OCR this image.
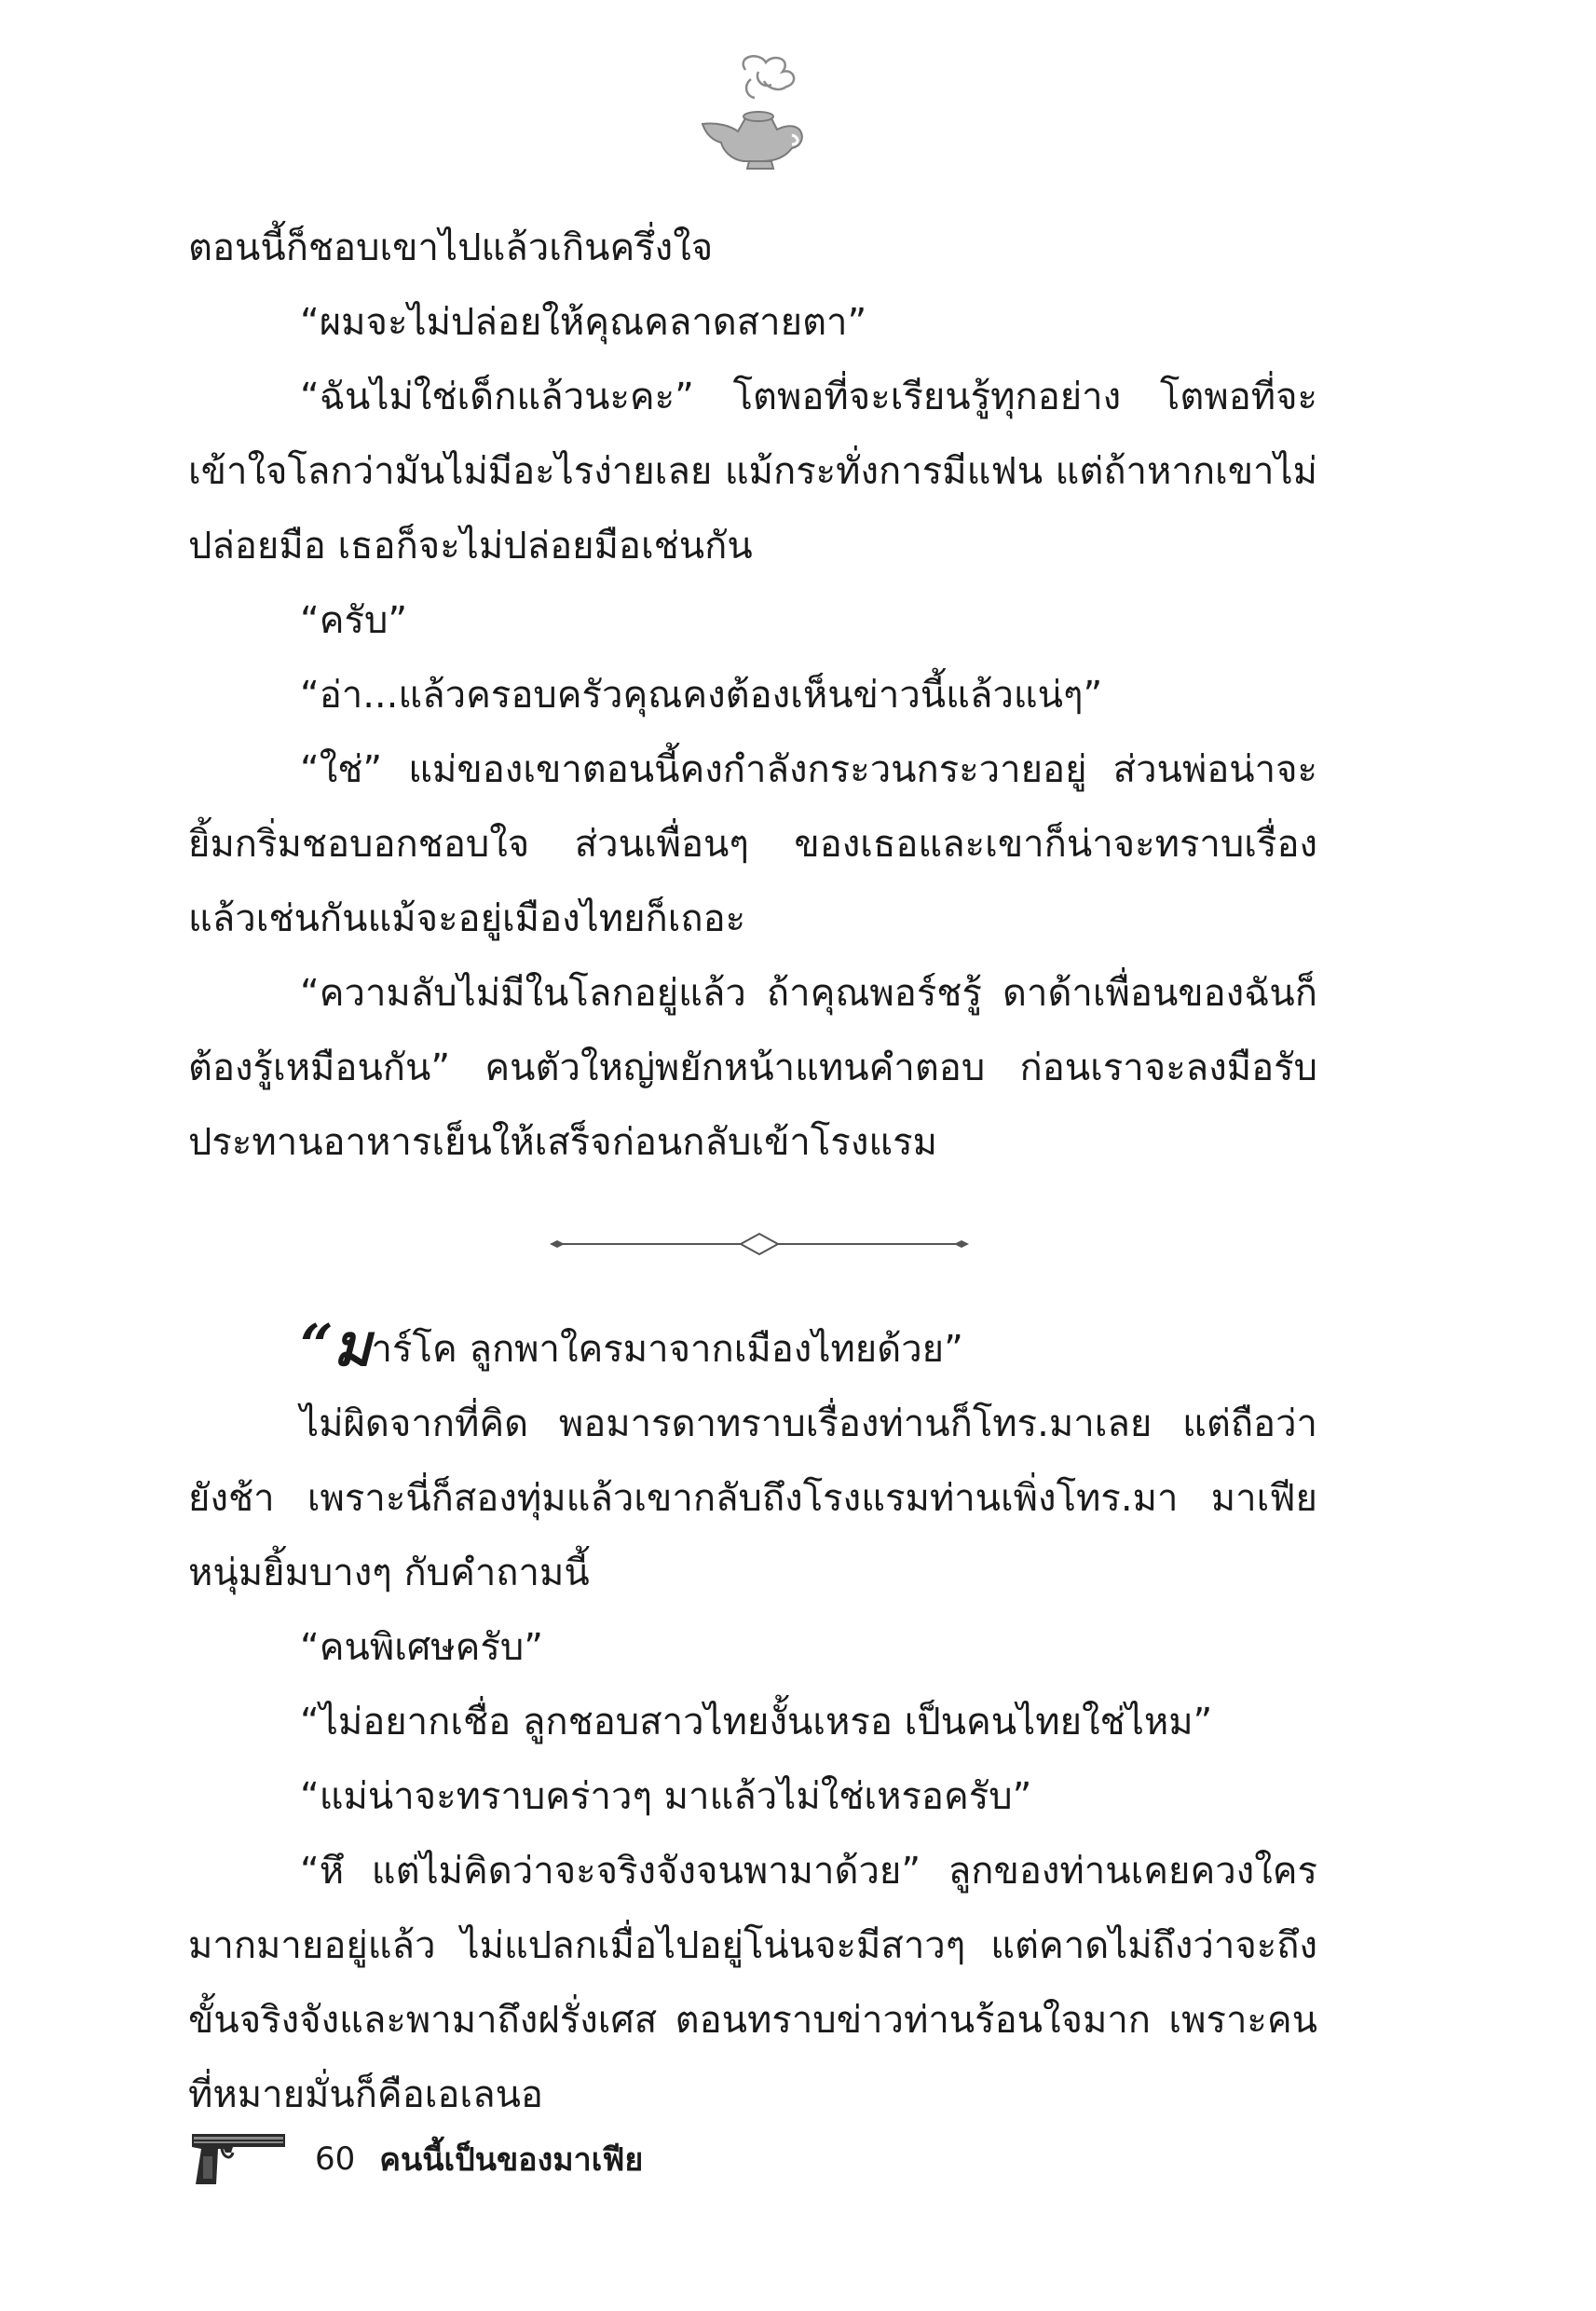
ตอนนี้ก็ชอบเขาไปแล้วเกินครึ่งใจ

“ผมจะไม่ปล่อยให้คุณคลาดสายตา”

“ฉันไม่ใช่เด็กแล้วนะคะ” โตพอที่จะเรียนรู้ทุกอย่าง โตพอที่จะเข้าใจโลกว่ามันไม่มีอะไรง่ายเลย แม้กระทั่งการมีแฟน แต่ถ้าหากเขาไม่ปล่อยมือ เธอก็จะไม่ปล่อยมือเช่นกัน

“ครับ”

“อ่า...แล้วครอบครัวคุณคงต้องเห็นข่าวนี้แล้วแน่ๆ”

“ใช่” แม่ของเขาตอนนี้คงกำลังกระวนกระวายอยู่ ส่วนพ่อน่าจะยิ้มกริ่มชอบอกชอบใจ ส่วนเพื่อนๆ ของเธอและเขาก็น่าจะทราบเรื่องแล้วเช่นกันแม้จะอยู่เมืองไทยก็เถอะ

“ความลับไม่มีในโลกอยู่แล้ว ถ้าคุณพอร์ชรู้ ดาด้าเพื่อนของฉันก็ต้องรู้เหมือนกัน” คนตัวใหญ่พยักหน้าแทนคำตอบ ก่อนเราจะลงมือรับประทานอาหารเย็นให้เสร็จก่อนกลับเข้าโรงแรม

“มาร์โค ลูกพาใครมาจากเมืองไทยด้วย”

ไม่ผิดจากที่คิด พอมารดาทราบเรื่องท่านก็โทร.มาเลย แต่ถือว่ายังช้า เพราะนี่ก็สองทุ่มแล้วเขากลับถึงโรงแรมท่านเพิ่งโทร.มา มาเฟียหนุ่มยิ้มบางๆ กับคำถามนี้

“คนพิเศษครับ”

“ไม่อยากเชื่อ ลูกชอบสาวไทยงั้นเหรอ เป็นคนไทยใช่ไหม”

“แม่น่าจะทราบคร่าวๆ มาแล้วไม่ใช่เหรอครับ”

“หึ แต่ไม่คิดว่าจะจริงจังจนพามาด้วย” ลูกของท่านเคยควงใครมากมายอยู่แล้ว ไม่แปลกเมื่อไปอยู่โน่นจะมีสาวๆ แต่คาดไม่ถึงว่าจะถึงขั้นจริงจังและพามาถึงฝรั่งเศส ตอนทราบข่าวท่านร้อนใจมาก เพราะคนที่หมายมั่นก็คือเอเลนอ

60 คนนี้เป็นของมาเฟีย
